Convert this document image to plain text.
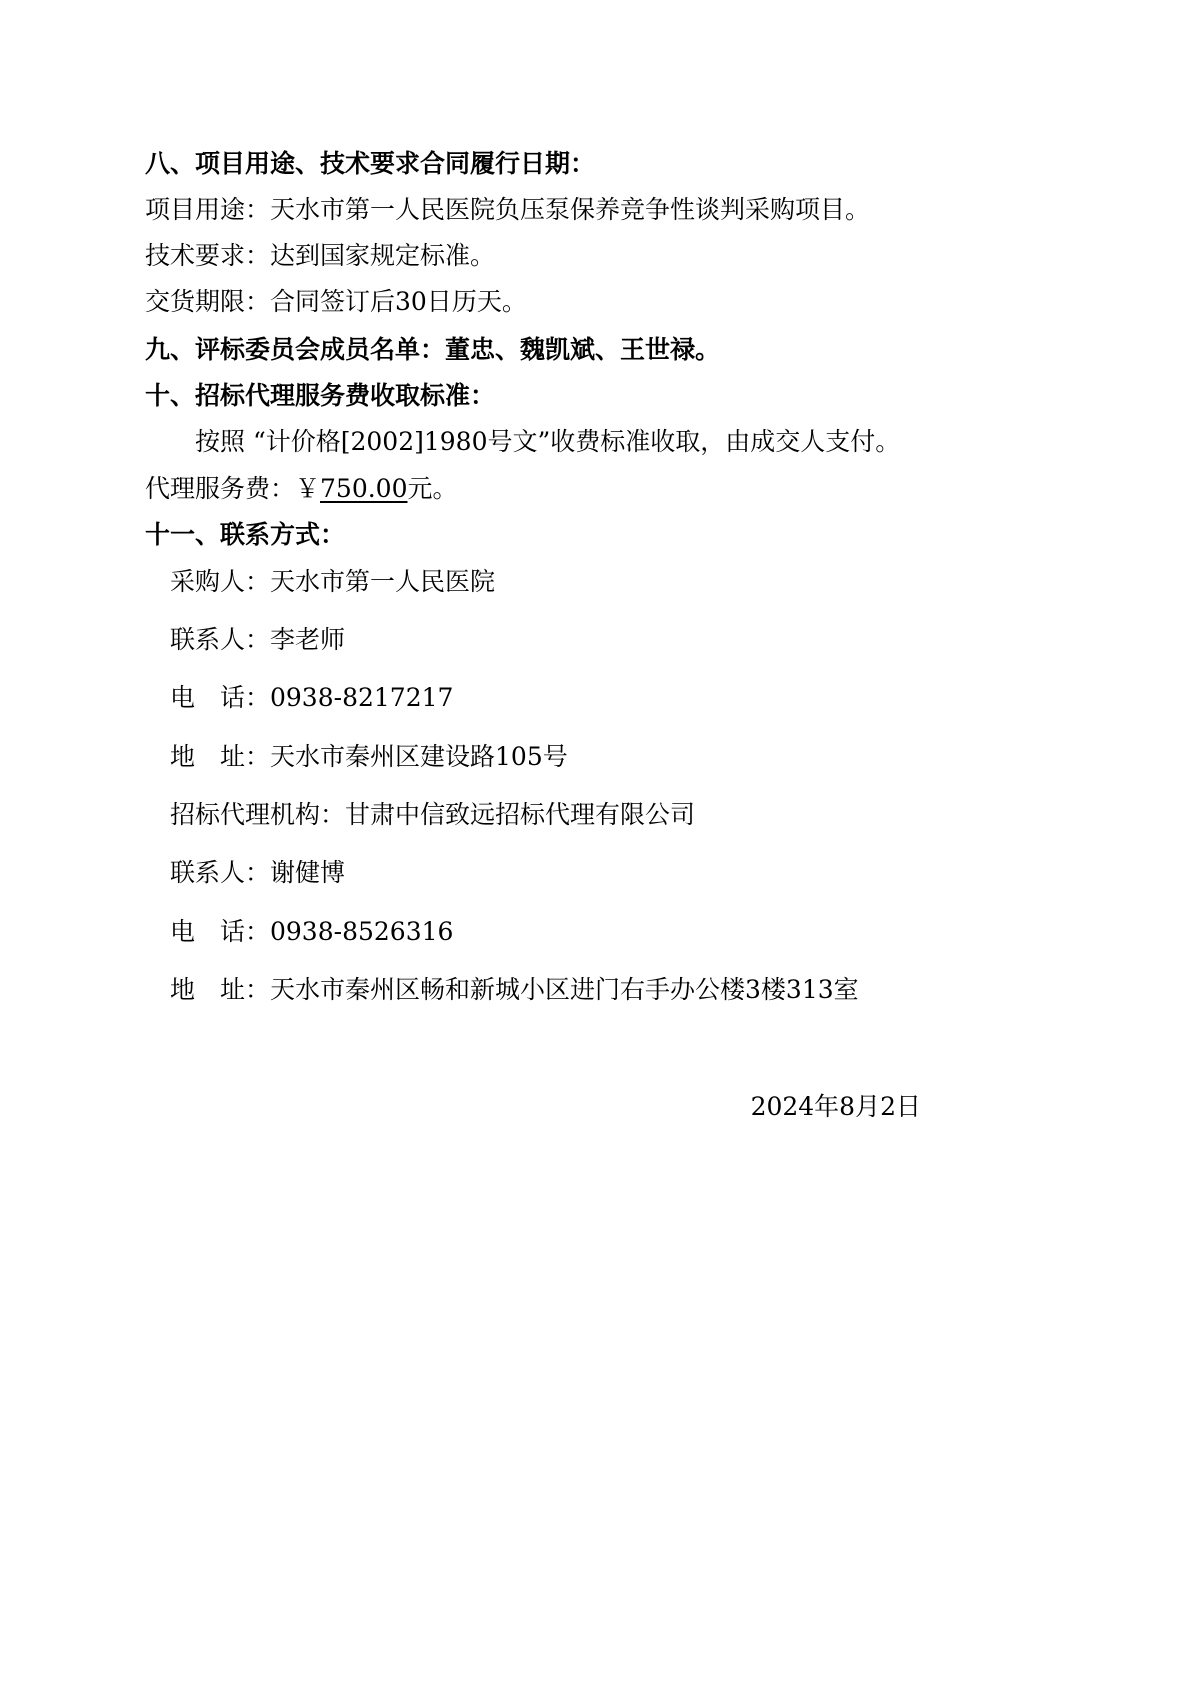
八、项目用途、技术要求合同履行日期：
项目用途：天水市第一人民医院负压泵保养竞争性谈判采购项目。
技术要求：达到国家规定标准。
交货期限：合同签订后30日历天。
九、评标委员会成员名单：董忠、魏凯斌、王世禄。
十、招标代理服务费收取标准：
按照 “计价格[2002]1980号文”收费标准收取，由成交人支付。
代理服务费：￥750.00元。
十一、联系方式：
采购人：天水市第一人民医院
联系人：李老师
电　话：0938-8217217
地　址：天水市秦州区建设路105号
招标代理机构：甘肃中信致远招标代理有限公司
联系人：谢健博
电　话：0938-8526316
地　址：天水市秦州区畅和新城小区进门右手办公楼3楼313室
2024年8月2日
